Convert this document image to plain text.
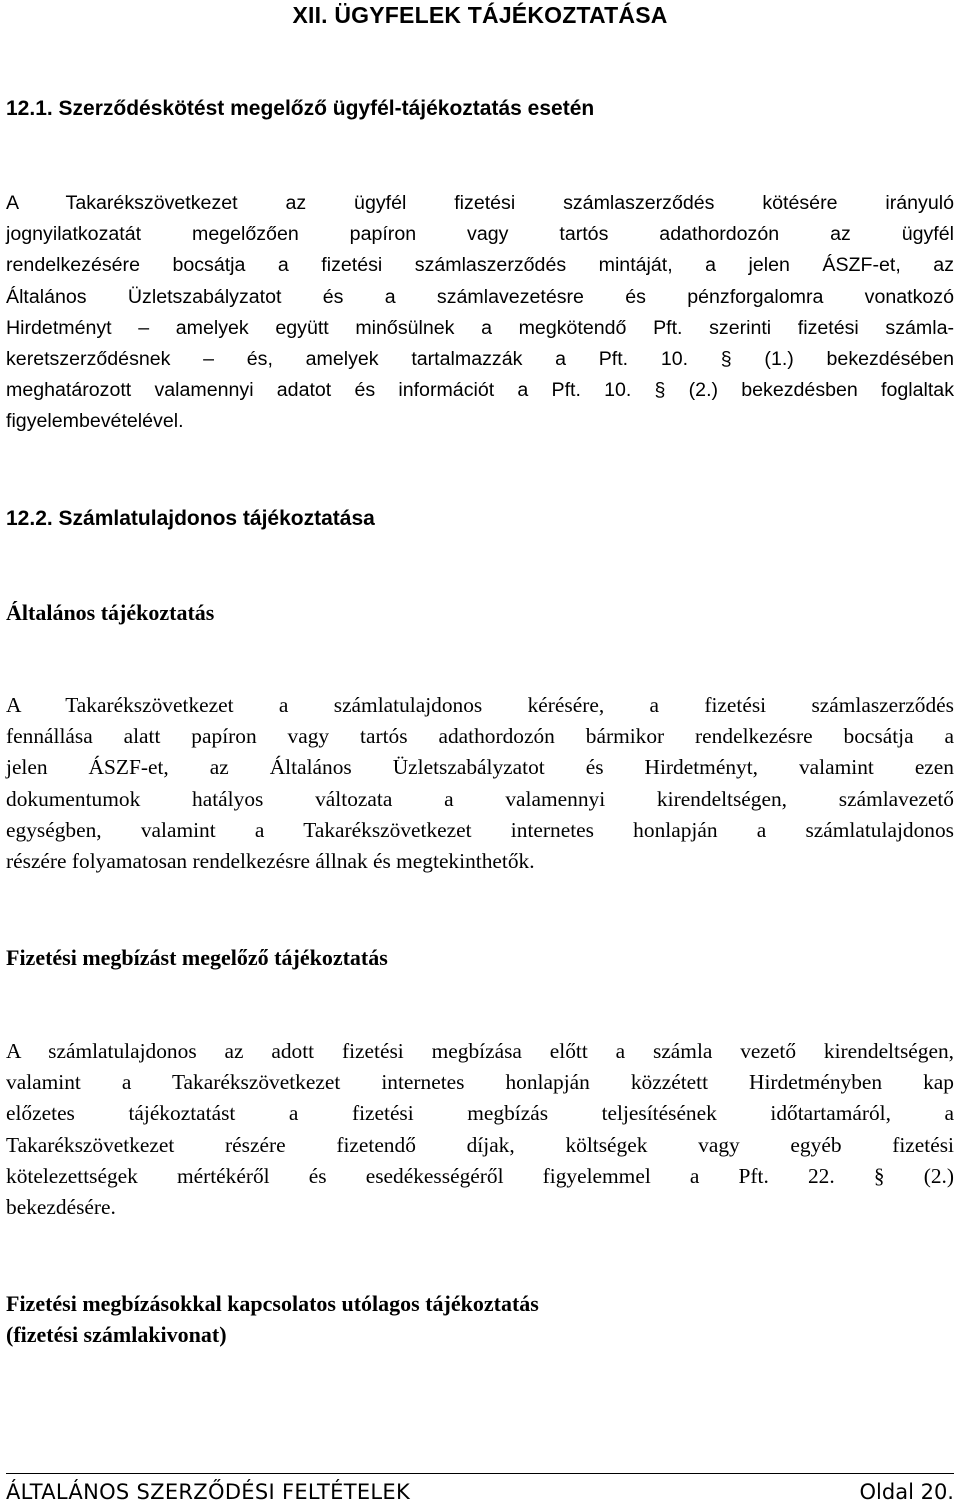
XII. ÜGYFELEK TÁJÉKOZTATÁSA
12.1. Szerződéskötést megelőző ügyfél-tájékoztatás esetén
A Takarékszövetkezet az ügyfél fizetési számlaszerződés kötésére irányuló
jognyilatkozatát megelőzően papíron vagy tartós adathordozón az ügyfél
rendelkezésére bocsátja a fizetési számlaszerződés mintáját, a jelen ÁSZF-et, az
Általános Üzletszabályzatot és a számlavezetésre és pénzforgalomra vonatkozó
Hirdetményt – amelyek együtt minősülnek a megkötendő Pft. szerinti fizetési számla-
keretszerződésnek – és, amelyek tartalmazzák a Pft. 10. § (1.) bekezdésében
meghatározott valamennyi adatot és információt a Pft. 10. § (2.) bekezdésben foglaltak
figyelembevételével.
12.2. Számlatulajdonos tájékoztatása
Általános tájékoztatás
A Takarékszövetkezet a számlatulajdonos kérésére, a fizetési számlaszerződés
fennállása alatt papíron vagy tartós adathordozón bármikor rendelkezésre bocsátja a
jelen ÁSZF-et, az Általános Üzletszabályzatot és Hirdetményt, valamint ezen
dokumentumok hatályos változata a valamennyi kirendeltségen, számlavezető
egységben, valamint a Takarékszövetkezet internetes honlapján a számlatulajdonos
részére folyamatosan rendelkezésre állnak és megtekinthetők.
Fizetési megbízást megelőző tájékoztatás
A számlatulajdonos az adott fizetési megbízása előtt a számla vezető kirendeltségen,
valamint a Takarékszövetkezet internetes honlapján közzétett Hirdetményben kap
előzetes tájékoztatást a fizetési megbízás teljesítésének időtartamáról, a
Takarékszövetkezet részére fizetendő díjak, költségek vagy egyéb fizetési
kötelezettségek mértékéről és esedékességéről figyelemmel a Pft. 22. § (2.)
bekezdésére.
Fizetési megbízásokkal kapcsolatos utólagos tájékoztatás
(fizetési számlakivonat)
ÁLTALÁNOS SZERZŐDÉSI FELTÉTELEK	Oldal 20.
